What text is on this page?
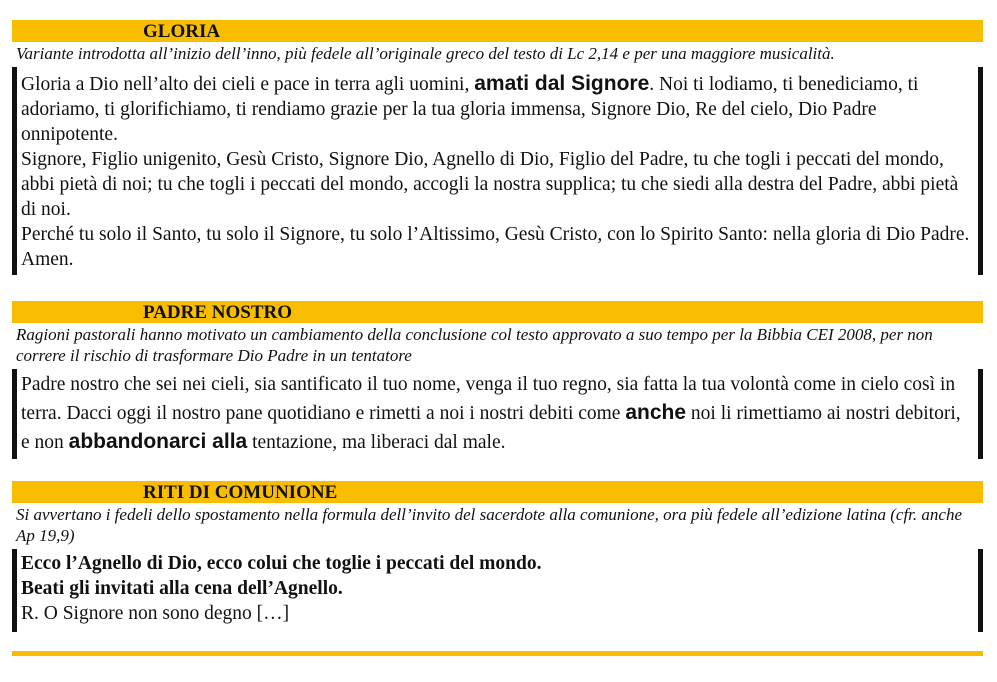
GLORIA
Variante introdotta all’inizio dell’inno, più fedele all’originale greco del testo di Lc 2,14 e per una maggiore musicalità.

Gloria a Dio nell’alto dei cieli e pace in terra agli uomini, amati dal Signore. Noi ti lodiamo, ti benediciamo, ti adoriamo, ti glorifichiamo, ti rendiamo grazie per la tua gloria immensa, Signore Dio, Re del cielo, Dio Padre onnipotente.

Signore, Figlio unigenito, Gesù Cristo, Signore Dio, Agnello di Dio, Figlio del Padre, tu che togli i peccati del mondo, abbi pietà di noi; tu che togli i peccati del mondo, accogli la nostra supplica; tu che siedi alla destra del Padre, abbi pietà di noi.

Perché tu solo il Santo, tu solo il Signore, tu solo l’Altissimo, Gesù Cristo, con lo Spirito Santo: nella gloria di Dio Padre. Amen.

PADRE NOSTRO
Ragioni pastorali hanno motivato un cambiamento della conclusione col testo approvato a suo tempo per la Bibbia CEI 2008, per non correre il rischio di trasformare Dio Padre in un tentatore

Padre nostro che sei nei cieli, sia santificato il tuo nome, venga il tuo regno, sia fatta la tua volontà come in cielo così in terra. Dacci oggi il nostro pane quotidiano e rimetti a noi i nostri debiti come anche noi li rimettiamo ai nostri debitori, e non abbandonarci alla tentazione, ma liberaci dal male.

RITI DI COMUNIONE
Si avvertano i fedeli dello spostamento nella formula dell’invito del sacerdote alla comunione, ora più fedele all’edizione latina (cfr. anche Ap 19,9)

Ecco l’Agnello di Dio, ecco colui che toglie i peccati del mondo.

Beati gli invitati alla cena dell’Agnello.

R. O Signore non sono degno […]
